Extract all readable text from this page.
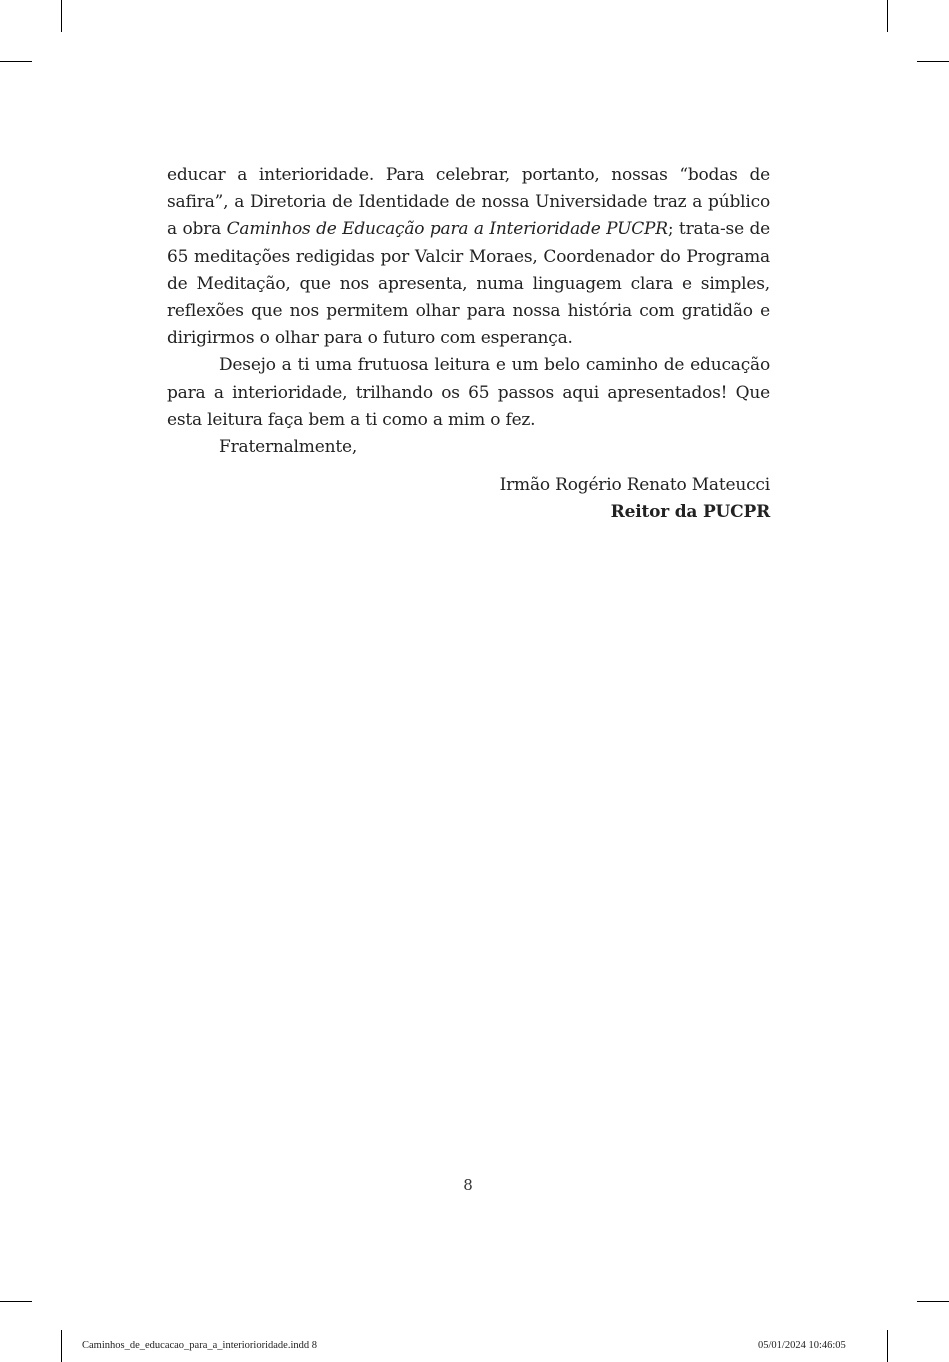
educar a interioridade. Para celebrar, portanto, nossas “bodas de safira”, a Diretoria de Identidade de nossa Universidade traz a público a obra Caminhos de Educação para a Interioridade PUCPR; trata-se de 65 meditações redigidas por Valcir Moraes, Coordenador do Programa de Meditação, que nos apresenta, numa linguagem clara e simples, reflexões que nos permitem olhar para nossa história com gratidão e dirigirmos o olhar para o futuro com esperança.

Desejo a ti uma frutuosa leitura e um belo caminho de educação para a interioridade, trilhando os 65 passos aqui apresentados! Que esta leitura faça bem a ti como a mim o fez.

Fraternalmente,

Irmão Rogério Renato Mateucci
Reitor da PUCPR
8
Caminhos_de_educacao_para_a_interiorioridade.indd 8	05/01/2024 10:46:05
